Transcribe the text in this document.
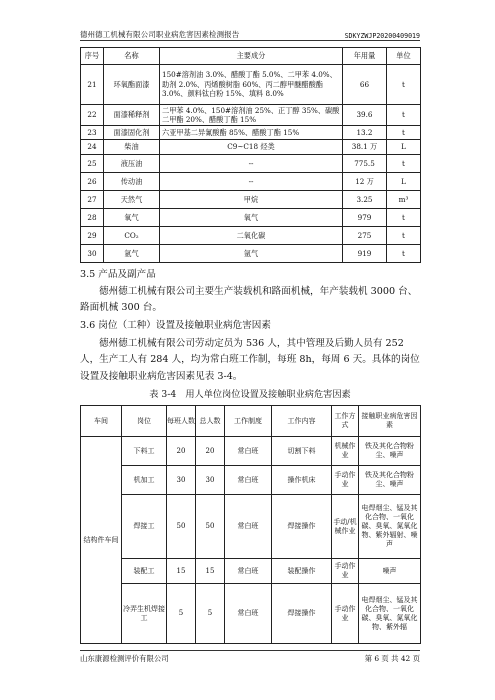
德州德工机械有限公司职业病危害因素检测报告	SDKYZWJP20200409019
序号	名称	主要成分	年用量	单位
21	环氧酯面漆	150#溶剂油 3.0%、醋酸丁酯 5.0%、二甲苯 4.0%、助剂 2.0%、丙烯酸树脂 60%、丙二醇甲醚醋酸酯 3.0%、颜料钛白粉 15%、填料 8.0%	66	t
22	面漆稀释剂	二甲苯 4.0%、150#溶剂油 25%、正丁醇 35%、碳酸二甲酯 20%、醋酸丁酯 15%	39.6	t
23	面漆固化剂	六亚甲基二异氰酸酯 85%、醋酸丁酯 15%	13.2	t
24	柴油	C9~C18 烃类	38.1 万	L
25	液压油	--	775.5	t
26	传动油	--	12 万	L
27	天然气	甲烷	3.25	m³
28	氧气	氧气	979	t
29	CO₂	二氧化碳	275	t
30	氩气	氩气	919	t
3.5 产品及副产品
德州德工机械有限公司主要生产装载机和路面机械，年产装载机 3000 台、路面机械 300 台。
3.6 岗位（工种）设置及接触职业病危害因素
德州德工机械有限公司劳动定员为 536 人，其中管理及后勤人员有 252 人，生产工人有 284 人，均为常白班工作制，每班 8h，每周 6 天。具体的岗位设置及接触职业病危害因素见表 3-4。
表 3-4　用人单位岗位设置及接触职业病危害因素
车间	岗位	每班人数	总人数	工作制度	工作内容	工作方式	接触职业病危害因素
结构件车间	下料工	20	20	常白班	切割下料	机械作业	铁及其化合物粉尘、噪声
	机加工	30	30	常白班	操作机床	手动作业	铁及其化合物粉尘、噪声
	焊接工	50	50	常白班	焊接操作	手动/机械作业	电焊烟尘、锰及其化合物、一氧化碳、臭氧、氮氧化物、紫外辐射、噪声
	装配工	15	15	常白班	装配操作	手动作业	噪声
	冷弄生机焊接工	5	5	常白班	焊接操作	手动作业	电焊烟尘、锰及其化合物、一氧化碳、臭氧、氮氧化物、紫外辐
山东康源检测评价有限公司	第 6 页 共 42 页
